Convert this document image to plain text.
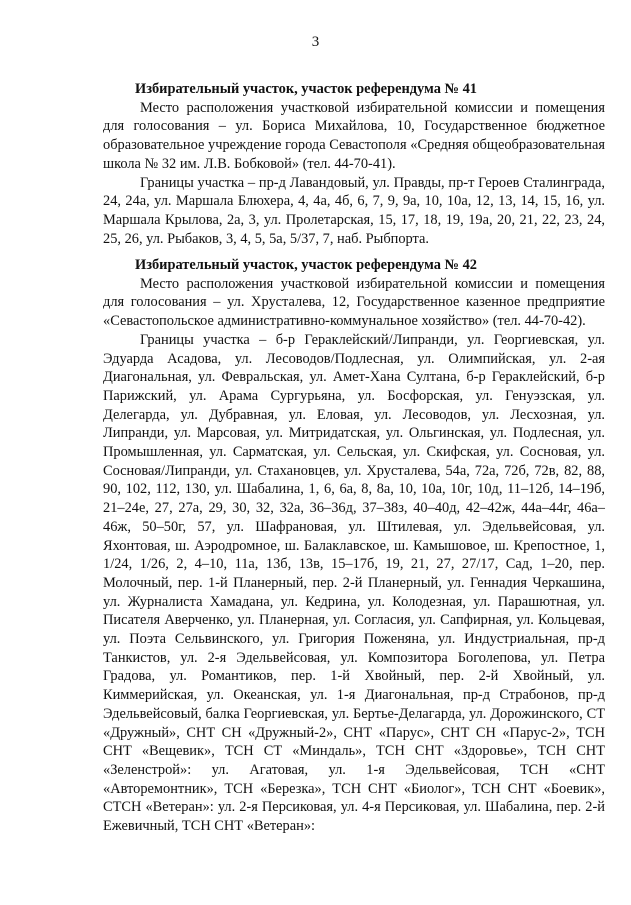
3
Избирательный участок, участок референдума № 41

Место расположения участковой избирательной комиссии и помещения для голосования – ул. Бориса Михайлова, 10, Государственное бюджетное образовательное учреждение города Севастополя «Средняя общеобразовательная школа № 32 им. Л.В. Бобковой» (тел. 44-70-41).

Границы участка – пр-д Лавандовый, ул. Правды, пр-т Героев Сталинграда, 24, 24а, ул. Маршала Блюхера, 4, 4а, 4б, 6, 7, 9, 9а, 10, 10а, 12, 13, 14, 15, 16, ул. Маршала Крылова, 2а, 3, ул. Пролетарская, 15, 17, 18, 19, 19а, 20, 21, 22, 23, 24, 25, 26, ул. Рыбаков, 3, 4, 5, 5а, 5/37, 7, наб. Рыбпорта.

Избирательный участок, участок референдума № 42

Место расположения участковой избирательной комиссии и помещения для голосования – ул. Хрусталева, 12, Государственное казенное предприятие «Севастопольское административно-коммунальное хозяйство» (тел. 44-70-42).

Границы участка – б-р Гераклейский/Липранди, ул. Георгиевская, ул. Эдуарда Асадова, ул. Лесоводов/Подлесная, ул. Олимпийская, ул. 2-ая Диагональная, ул. Февральская, ул. Амет-Хана Султана, б-р Гераклейский, б-р Парижский, ул. Арама Сургурьяна, ул. Босфорская, ул. Генуэзская, ул. Делегарда, ул. Дубравная, ул. Еловая, ул. Лесоводов, ул. Лесхозная, ул. Липранди, ул. Марсовая, ул. Митридатская, ул. Ольгинская, ул. Подлесная, ул. Промышленная, ул. Сарматская, ул. Сельская, ул. Скифская, ул. Сосновая, ул. Сосновая/Липранди, ул. Стахановцев, ул. Хрусталева, 54а, 72а, 72б, 72в, 82, 88, 90, 102, 112, 130, ул. Шабалина, 1, 6, 6а, 8, 8а, 10, 10а, 10г, 10д, 11–12б, 14–19б, 21–24е, 27, 27а, 29, 30, 32, 32а, 36–36д, 37–38з, 40–40д, 42–42ж, 44а–44г, 46а–46ж, 50–50г, 57, ул. Шафрановая, ул. Штилевая, ул. Эдельвейсовая, ул. Яхонтовая, ш. Аэродромное, ш. Балаклавское, ш. Камышовое, ш. Крепостное, 1, 1/24, 1/26, 2, 4–10, 11а, 13б, 13в, 15–17б, 19, 21, 27, 27/17, Сад, 1–20, пер. Молочный, пер. 1-й Планерный, пер. 2-й Планерный, ул. Геннадия Черкашина, ул. Журналиста Хамадана, ул. Кедрина, ул. Колодезная, ул. Парашютная, ул. Писателя Аверченко, ул. Планерная, ул. Согласия, ул. Сапфирная, ул. Кольцевая, ул. Поэта Сельвинского, ул. Григория Поженяна, ул. Индустриальная, пр-д Танкистов, ул. 2-я Эдельвейсовая, ул. Композитора Боголепова, ул. Петра Градова, ул. Романтиков, пер. 1-й Хвойный, пер. 2-й Хвойный, ул. Киммерийская, ул. Океанская, ул. 1-я Диагональная, пр-д Страбонов, пр-д Эдельвейсовый, балка Георгиевская, ул. Бертье-Делагарда, ул. Дорожинского, СТ «Дружный», СНТ СН «Дружный-2», СНТ «Парус», СНТ СН «Парус-2», ТСН СНТ «Вещевик», ТСН СТ «Миндаль», ТСН СНТ «Здоровье», ТСН СНТ «Зеленстрой»: ул. Агатовая, ул. 1-я Эдельвейсовая, ТСН «СНТ «Авторемонтник», ТСН «Березка», ТСН СНТ «Биолог», ТСН СНТ «Боевик», СТСН «Ветеран»: ул. 2-я Персиковая, ул. 4-я Персиковая, ул. Шабалина, пер. 2-й Ежевичный, ТСН СНТ «Ветеран»:
